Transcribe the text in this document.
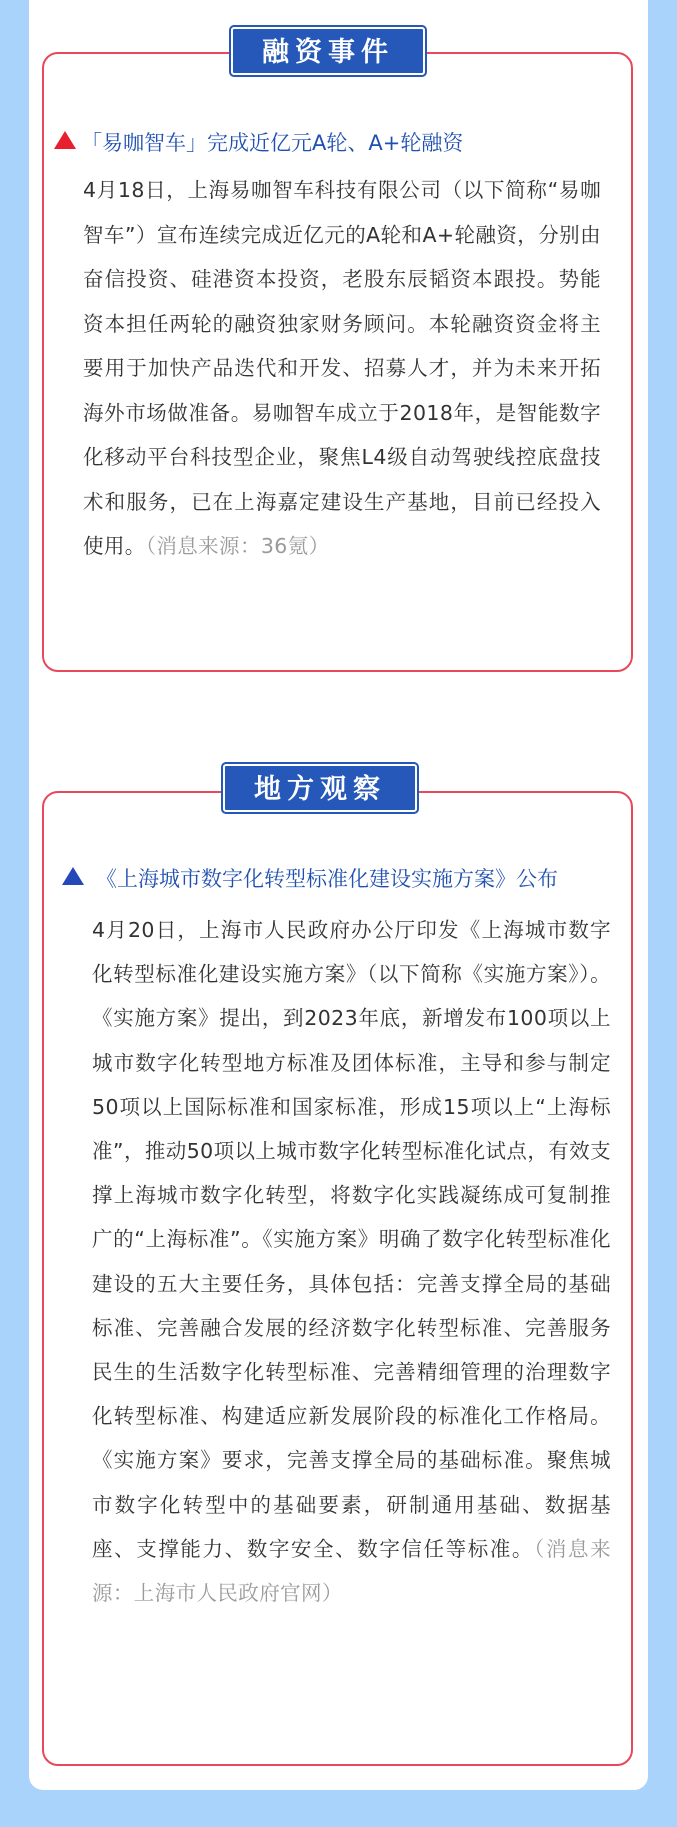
融资事件
地方观察
「易咖智车」完成近亿元A轮、A+轮融资
4月18日，上海易咖智车科技有限公司（以下简称“易咖智车”）宣布连续完成近亿元的A轮和A+轮融资，分别由奋信投资、硅港资本投资，老股东辰韬资本跟投。势能资本担任两轮的融资独家财务顾问。本轮融资资金将主要用于加快产品迭代和开发、招募人才，并为未来开拓海外市场做准备。易咖智车成立于2018年，是智能数字化移动平台科技型企业，聚焦L4级自动驾驶线控底盘技术和服务，已在上海嘉定建设生产基地，目前已经投入使用。（消息来源：36氪）
《上海城市数字化转型标准化建设实施方案》公布
4月20日，上海市人民政府办公厅印发《上海城市数字化转型标准化建设实施方案》（以下简称《实施方案》）。《实施方案》提出，到2023年底，新增发布100项以上城市数字化转型地方标准及团体标准，主导和参与制定50项以上国际标准和国家标准，形成15项以上“上海标准”，推动50项以上城市数字化转型标准化试点，有效支撑上海城市数字化转型，将数字化实践凝练成可复制推广的“上海标准”。《实施方案》明确了数字化转型标准化建设的五大主要任务，具体包括：完善支撑全局的基础标准、完善融合发展的经济数字化转型标准、完善服务民生的生活数字化转型标准、完善精细管理的治理数字化转型标准、构建适应新发展阶段的标准化工作格局。《实施方案》要求，完善支撑全局的基础标准。聚焦城市数字化转型中的基础要素，研制通用基础、数据基座、支撑能力、数字安全、数字信任等标准。（消息来源：上海市人民政府官网）
